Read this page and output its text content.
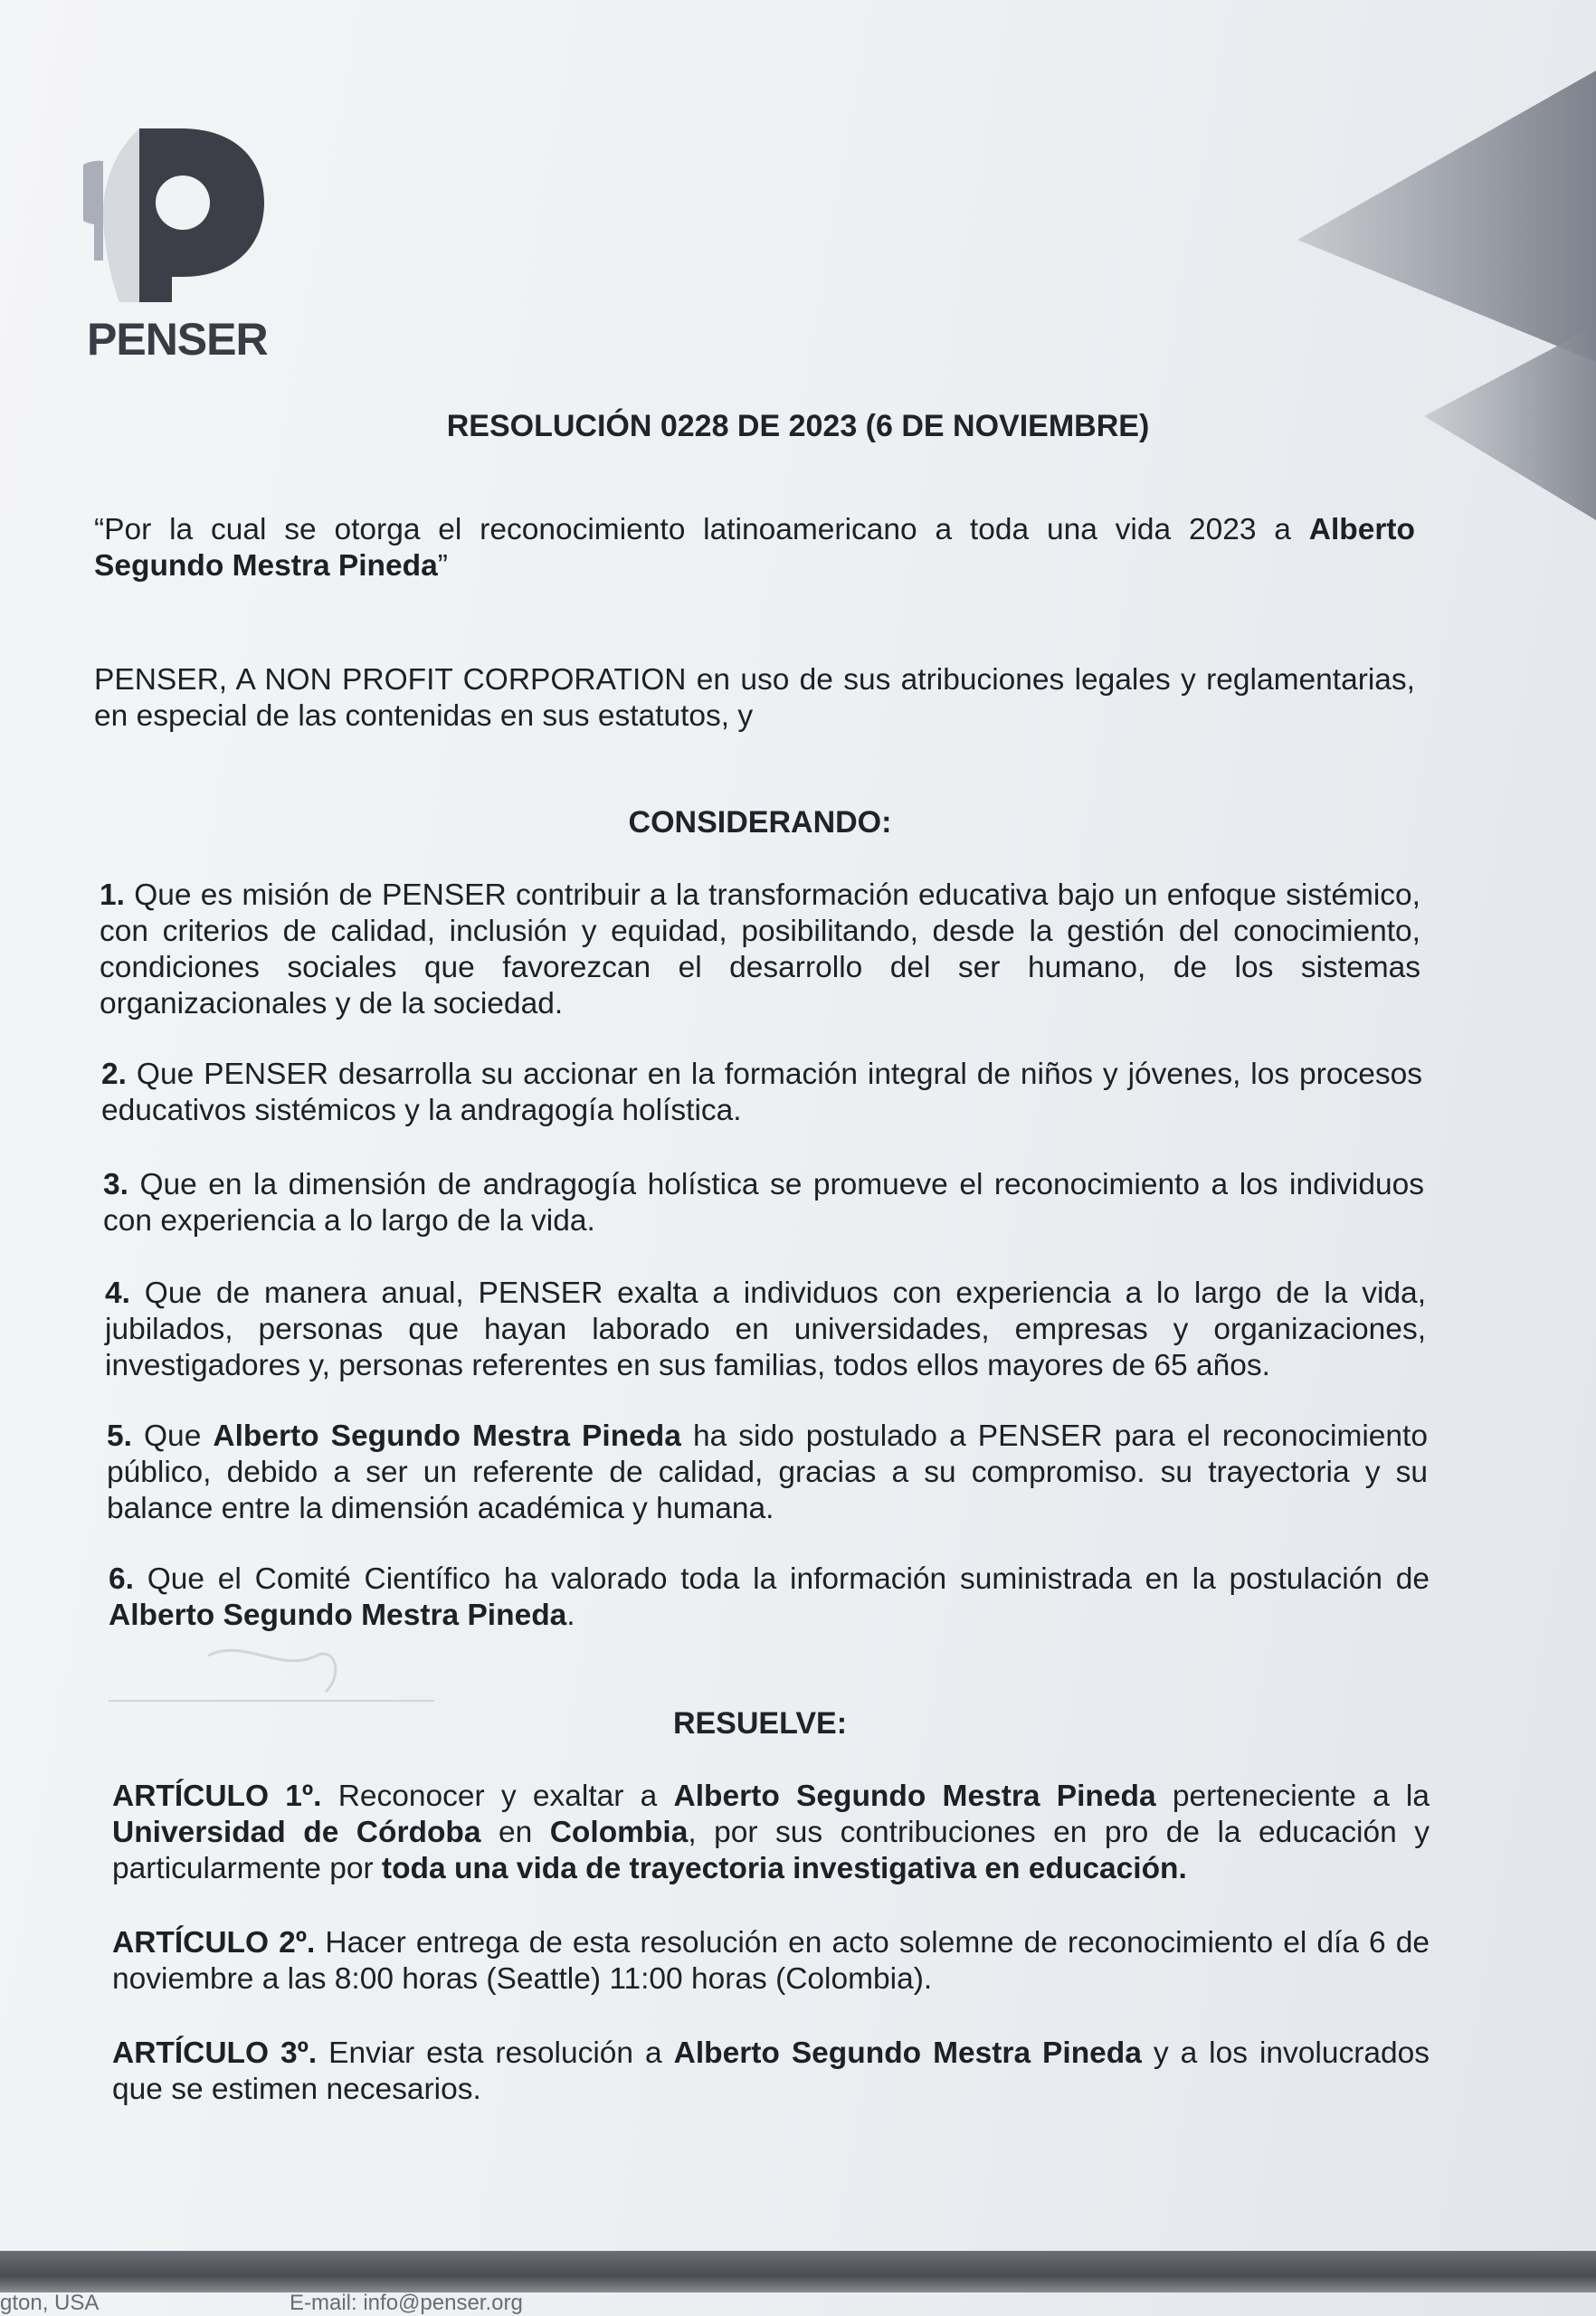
PENSER
RESOLUCIÓN 0228 DE 2023 (6 DE NOVIEMBRE)
“Por la cual se otorga el reconocimiento latinoamericano a toda una vida 2023 a Alberto Segundo Mestra Pineda”
PENSER, A NON PROFIT CORPORATION en uso de sus atribuciones legales y reglamentarias, en especial de las contenidas en sus estatutos, y
CONSIDERANDO:
1. Que es misión de PENSER contribuir a la transformación educativa bajo un enfoque sistémico, con criterios de calidad, inclusión y equidad, posibilitando, desde la gestión del conocimiento, condiciones sociales que favorezcan el desarrollo del ser humano, de los sistemas organizacionales y de la sociedad.
2. Que PENSER desarrolla su accionar en la formación integral de niños y jóvenes, los procesos educativos sistémicos y la andragogía holística.
3. Que en la dimensión de andragogía holística se promueve el reconocimiento a los individuos con experiencia a lo largo de la vida.
4. Que de manera anual, PENSER exalta a individuos con experiencia a lo largo de la vida, jubilados, personas que hayan laborado en universidades, empresas y organizaciones, investigadores y, personas referentes en sus familias, todos ellos mayores de 65 años.
5. Que Alberto Segundo Mestra Pineda ha sido postulado a PENSER para el reconocimiento público, debido a ser un referente de calidad, gracias a su compromiso. su trayectoria y su balance entre la dimensión académica y humana.
6. Que el Comité Científico ha valorado toda la información suministrada en la postulación de Alberto Segundo Mestra Pineda.
RESUELVE:
ARTÍCULO 1º. Reconocer y exaltar a Alberto Segundo Mestra Pineda perteneciente a la Universidad de Córdoba en Colombia, por sus contribuciones en pro de la educación y particularmente por toda una vida de trayectoria investigativa en educación.
ARTÍCULO 2º. Hacer entrega de esta resolución en acto solemne de reconocimiento el día 6 de noviembre a las 8:00 horas (Seattle) 11:00 horas (Colombia).
ARTÍCULO 3º. Enviar esta resolución a Alberto Segundo Mestra Pineda y a los involucrados que se estimen necesarios.
gton, USA	E-mail: info@penser.org
